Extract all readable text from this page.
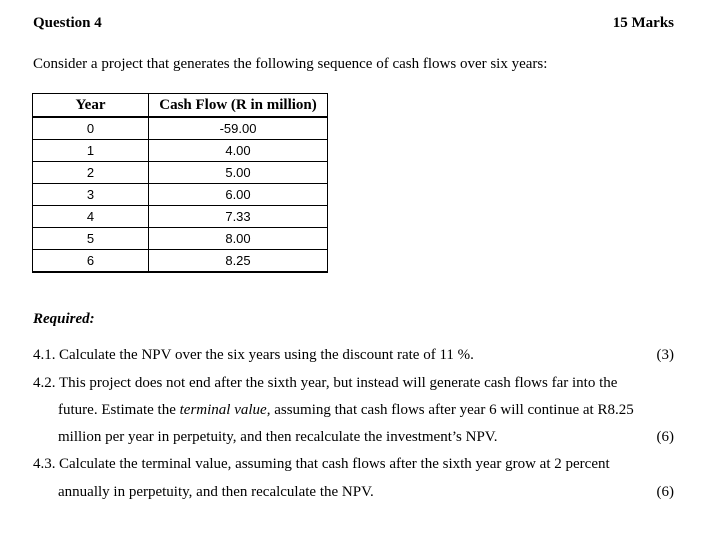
Question 4	15 Marks
Consider a project that generates the following sequence of cash flows over six years:
Year	Cash Flow (R in million)
0	-59.00
1	4.00
2	5.00
3	6.00
4	7.33
5	8.00
6	8.25
Required:
4.1. Calculate the NPV over the six years using the discount rate of 11 %.	(3)
4.2. This project does not end after the sixth year, but instead will generate cash flows far into the
future. Estimate the terminal value, assuming that cash flows after year 6 will continue at R8.25
million per year in perpetuity, and then recalculate the investment’s NPV.	(6)
4.3. Calculate the terminal value, assuming that cash flows after the sixth year grow at 2 percent
annually in perpetuity, and then recalculate the NPV.	(6)
